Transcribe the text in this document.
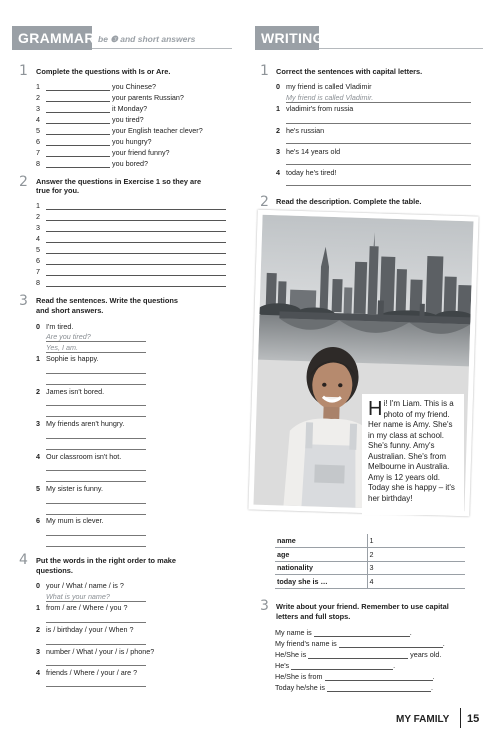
GRAMMAR be ❸ and short answers	WRITING
1 Complete the questions with Is or Are.
1	you Chinese?
2	your parents Russian?
3	it Monday?
4	you tired?
5	your English teacher clever?
6	you hungry?
7	your friend funny?
8	you bored?
2 Answer the questions in Exercise 1 so they are
true for you.
1
2
3
4
5
6
7
8
3 Read the sentences. Write the questions
and short answers.
0 I'm tired.
Are you tired?
Yes, I am.
1 Sophie is happy.
2 James isn't bored.
3 My friends aren't hungry.
4 Our classroom isn't hot.
5 My sister is funny.
6 My mum is clever.
4 Put the words in the right order to make
questions.
0 your / What / name / is ?
What is your name?
1 from / are / Where / you ?
2 is / birthday / your / When ?
3 number / What / your / is / phone?
4 friends / Where / your / are ?
1 Correct the sentences with capital letters.
0 my friend is called Vladimir
My friend is called Vladimir.
1 vladimir's from russia
2 he's russian
3 he's 14 years old
4 today he's tired!
2 Read the description. Complete the table.
Hi! I'm Liam. This is a photo of my friend. Her name is Amy. She's in my class at school. She's funny. Amy's Australian. She's from Melbourne in Australia. Amy is 12 years old. Today she is happy – it's her birthday!
name	1
age	2
nationality	3
today she is …	4
3 Write about your friend. Remember to use capital
letters and full stops.
My name is	.
My friend's name is	.
He/She is	years old.
He's	.
He/She is from	.
Today he/she is	.
MY FAMILY	15
